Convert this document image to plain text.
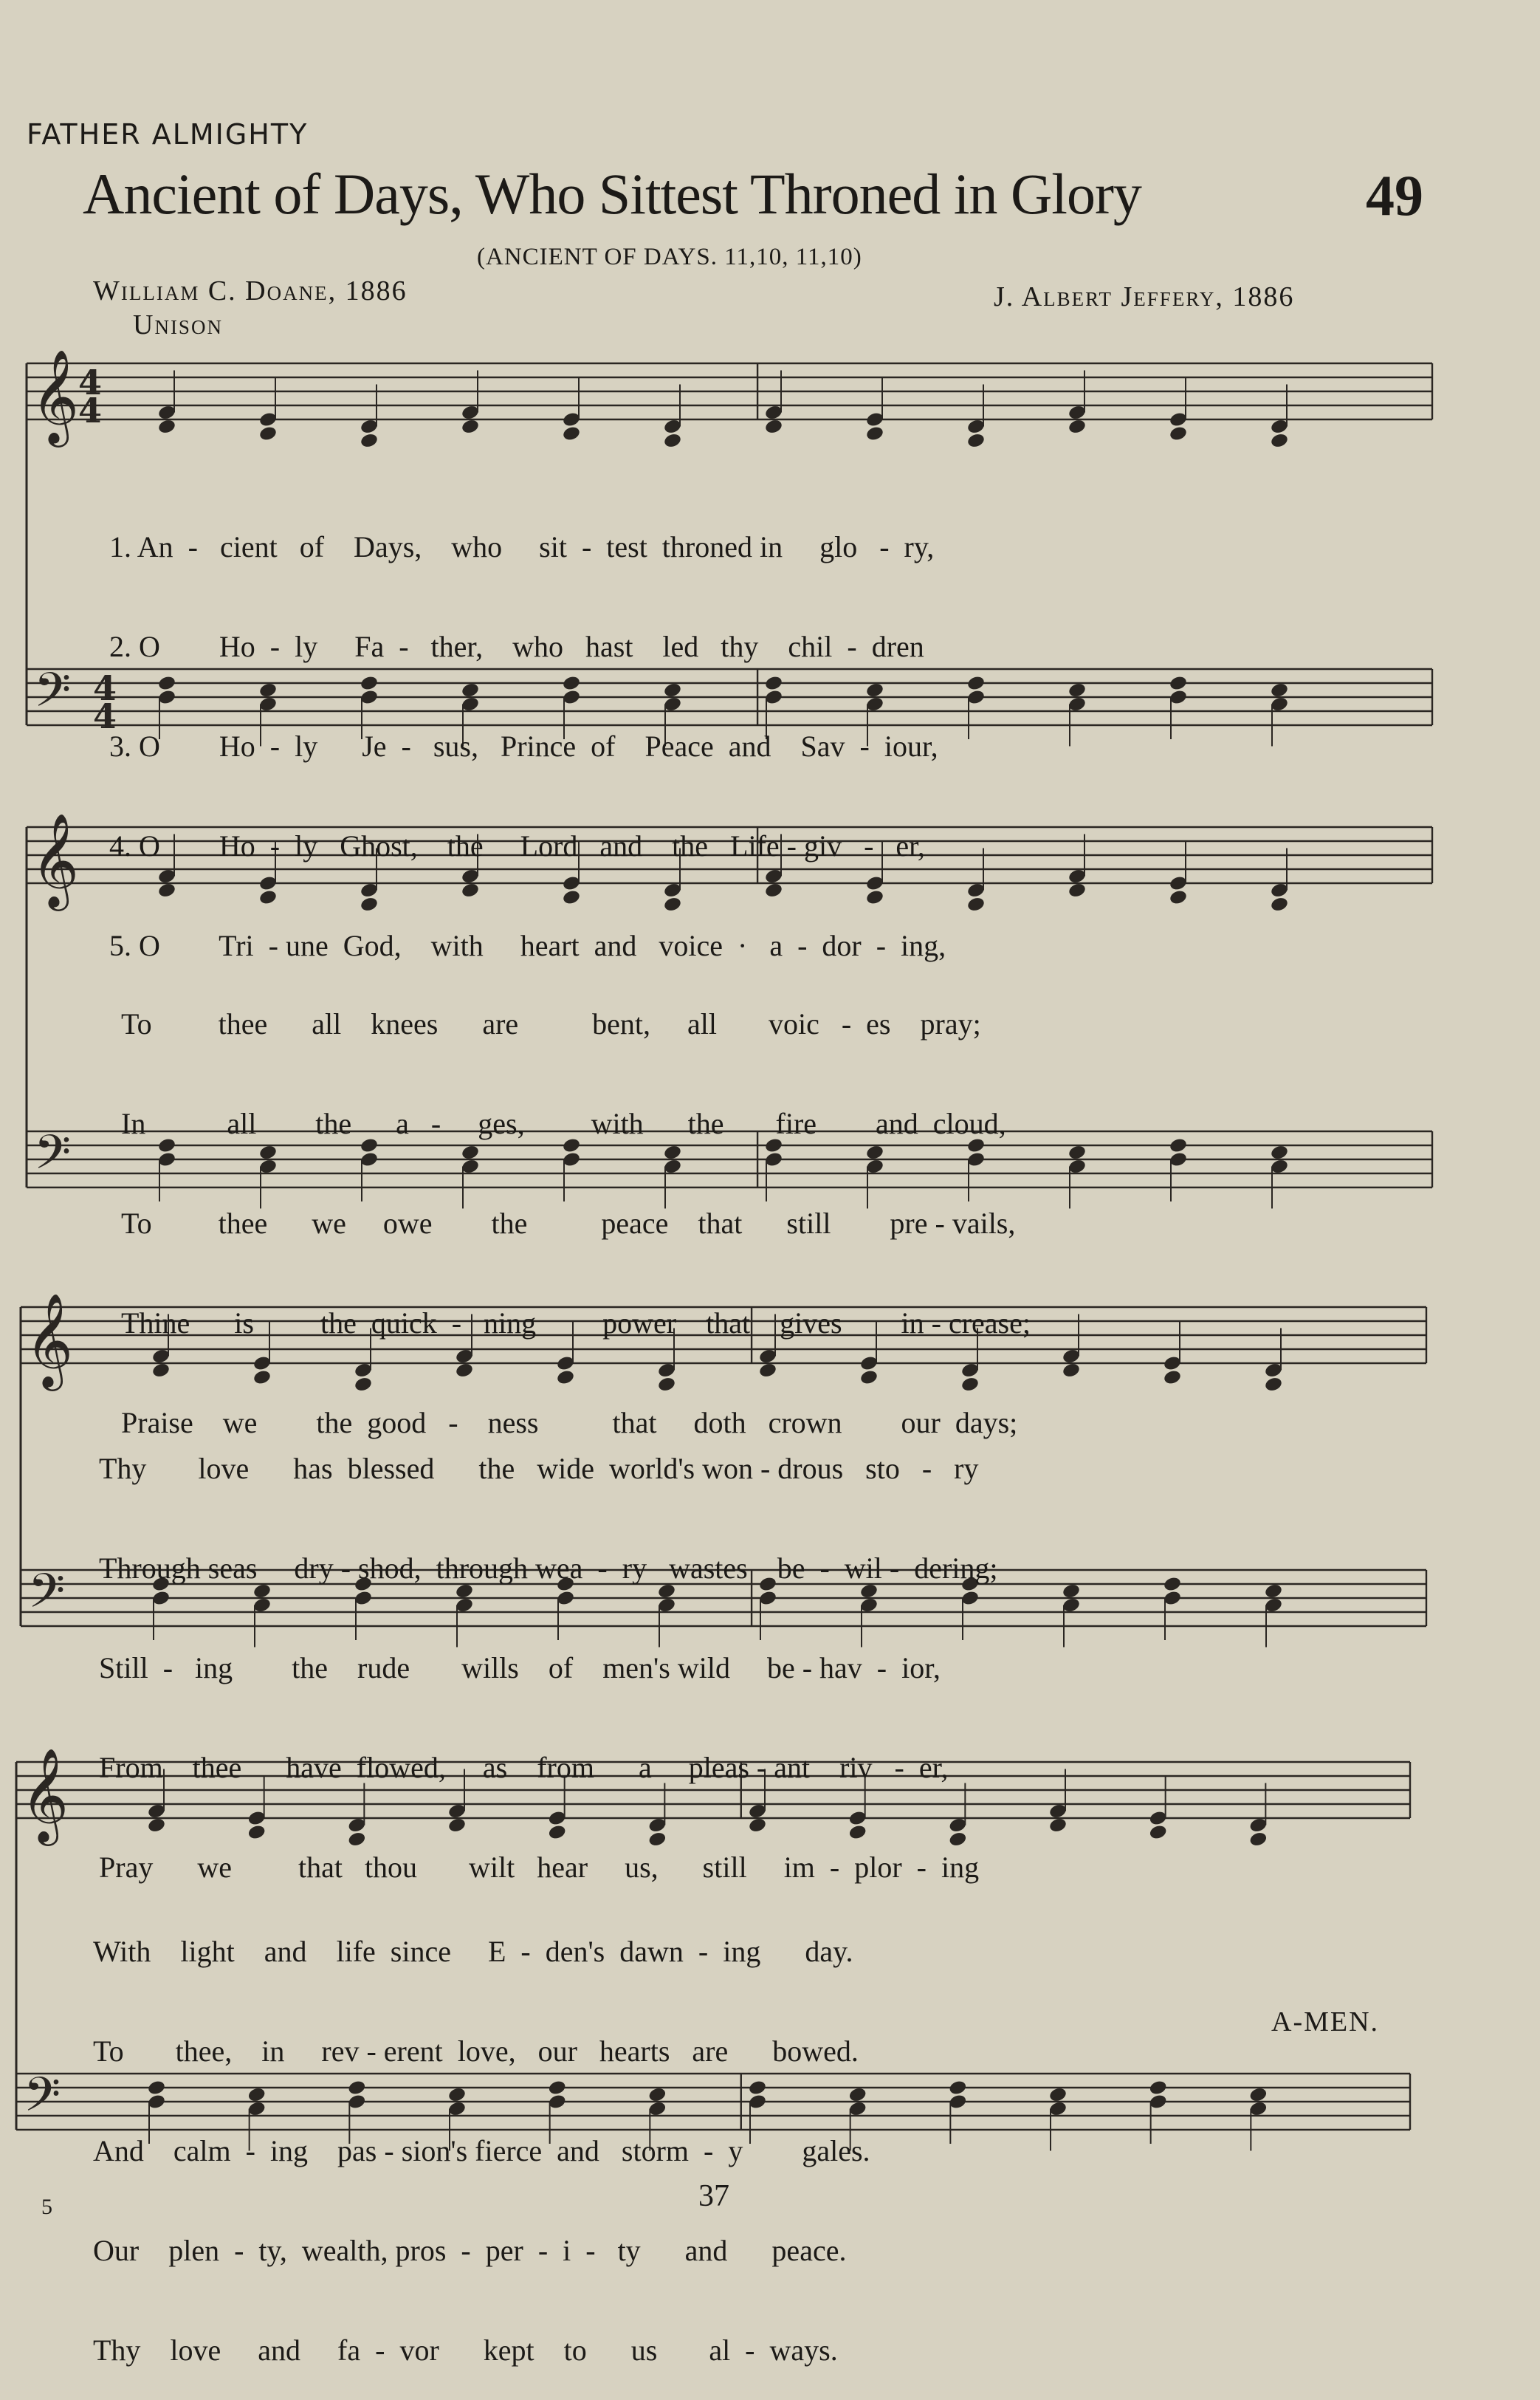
FATHER ALMIGHTY
Ancient of Days, Who Sittest Throned in Glory	49
(ANCIENT OF DAYS. 11,10, 11,10)
William C. Doane, 1886	J. Albert Jeffery, 1886
Unison
𝄞
𝄢
4
4
4
4
𝄞
𝄢
𝄞
𝄢
𝄞
𝄢

1. An  -   cient   of    Days,    who     sit  -  test  throned in     glo   -  ry,

2. O        Ho  -  ly     Fa  -   ther,    who   hast    led   thy    chil  -  dren

3. O        Ho  -  ly      Je  -   sus,   Prince  of    Peace  and    Sav  -  iour,

4. O        Ho  -  ly   Ghost,    the     Lord   and    the   Life - giv   -   er,

5. O        Tri  - une  God,    with     heart  and   voice  ·   a  -  dor  -  ing,

To         thee      all    knees      are          bent,     all       voic   -  es    pray;

In           all        the      a   -     ges,         with      the       fire        and  cloud,

To         thee      we     owe        the          peace    that      still        pre - vails,

Thine      is         the  quick  -   ning         power    that    gives        in - crease;

Praise    we        the  good   -    ness          that     doth   crown        our  days;

Thy       love      has  blessed      the   wide  world's won - drous   sto   -   ry

Through seas     dry - shod,  through wea  -  ry   wastes    be  -  wil -  dering;

Still  -   ing        the    rude       wills    of    men's wild     be - hav  -  ior,

From    thee      have  flowed,     as    from      a     pleas - ant    riv   -  er,

Pray      we         that   thou       wilt   hear     us,      still     im  -  plor  -  ing

With    light    and    life  since     E  -  den's  dawn  -  ing      day.

To       thee,    in     rev - erent  love,   our   hearts   are      bowed.

And    calm  -  ing    pas - sion's fierce  and   storm  -  y        gales.

Our    plen  -  ty,  wealth, pros  -  per  -  i  -   ty      and      peace.

Thy    love     and     fa  -  vor      kept    to      us       al  -  ways.

A-MEN.
37
5
